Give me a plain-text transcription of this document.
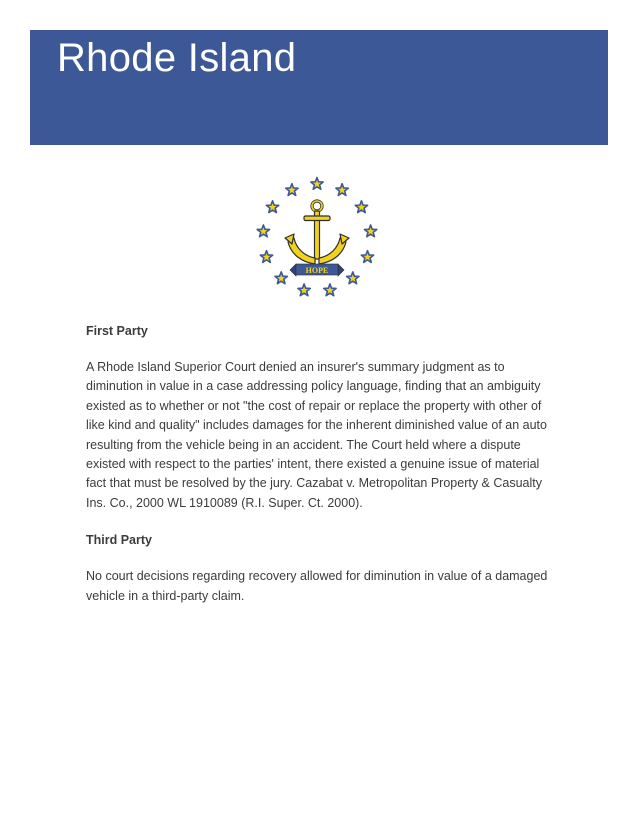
Rhode Island
HOPE

First Party

A Rhode Island Superior Court denied an insurer's summary judgment as to diminution in value in a case addressing policy language, finding that an ambiguity existed as to whether or not "the cost of repair or replace the property with other of like kind and quality" includes damages for the inherent diminished value of an auto resulting from the vehicle being in an accident. The Court held where a dispute existed with respect to the parties' intent, there existed a genuine issue of material fact that must be resolved by the jury. Cazabat v. Metropolitan Property & Casualty Ins. Co., 2000 WL 1910089 (R.I. Super. Ct. 2000).

Third Party

No court decisions regarding recovery allowed for diminution in value of a damaged vehicle in a third-party claim.
